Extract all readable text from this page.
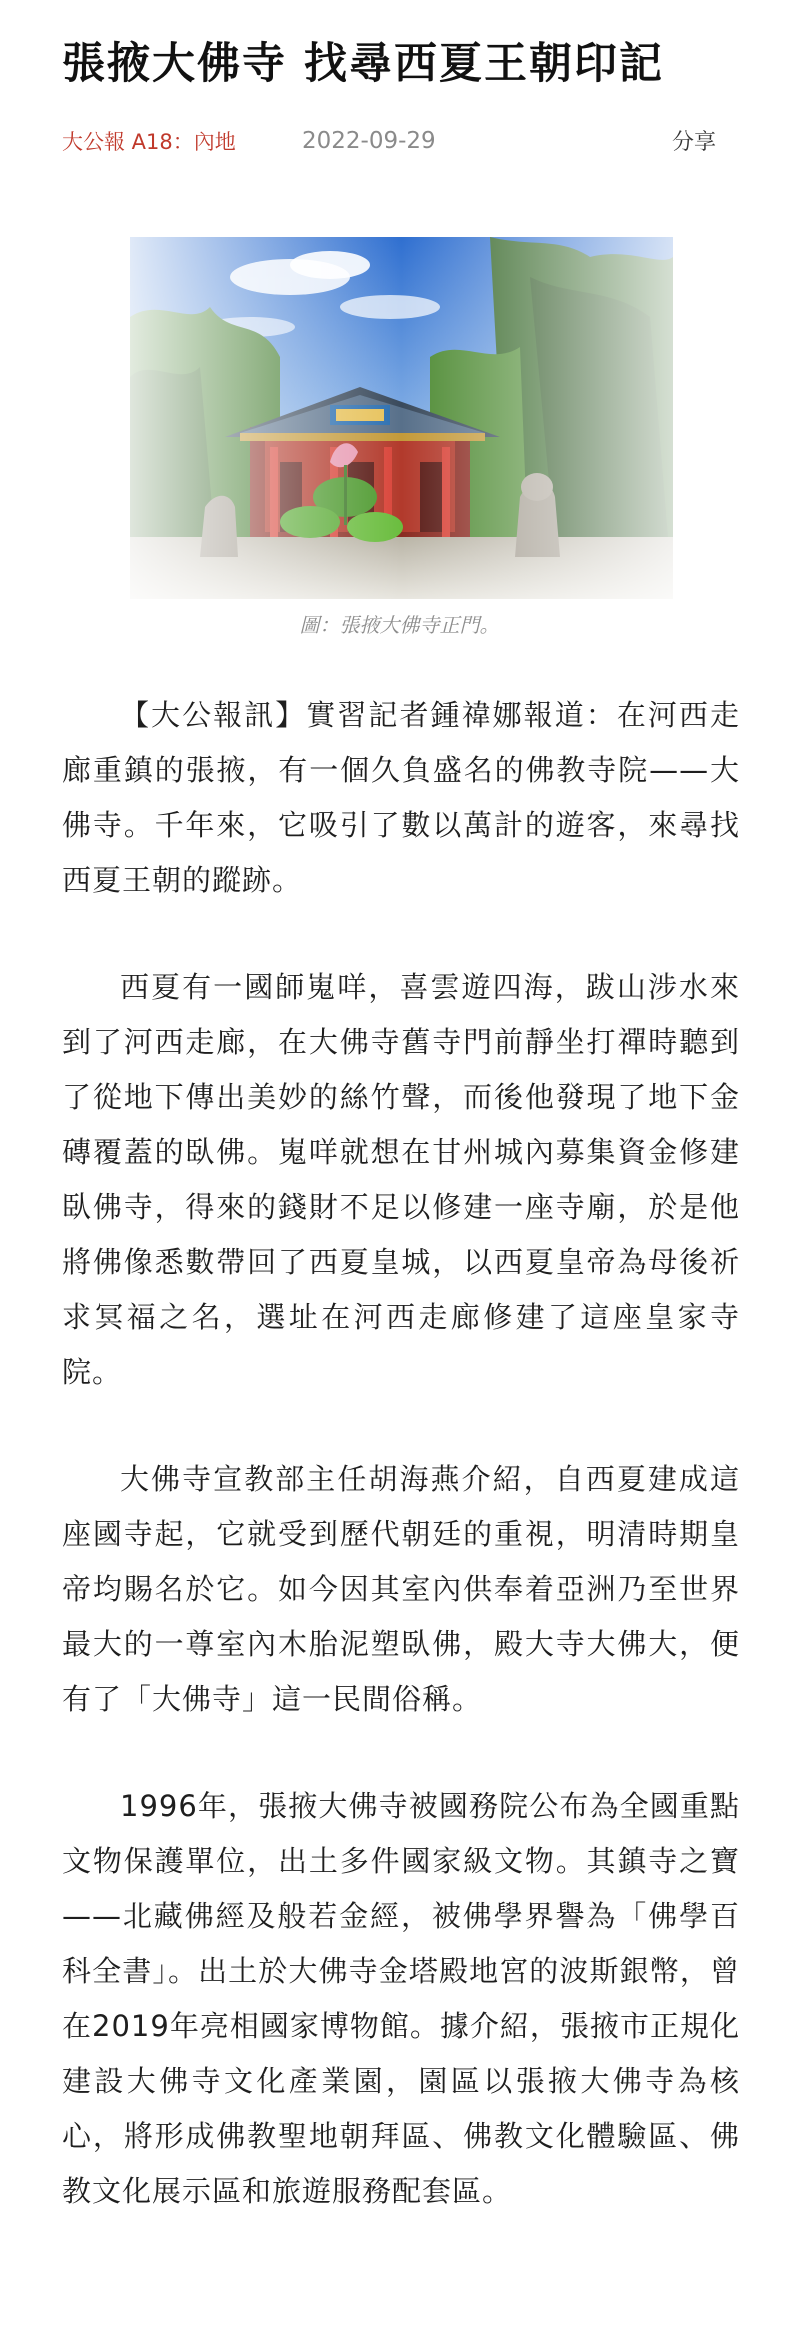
張掖大佛寺 找尋西夏王朝印記
大公報 A18：內地	2022-09-29	分享
圖：張掖大佛寺正門。

【大公報訊】實習記者鍾禕娜報道：在河西走廊重鎮的張掖，有一個久負盛名的佛教寺院——大佛寺。千年來，它吸引了數以萬計的遊客，來尋找西夏王朝的蹤跡。

西夏有一國師嵬咩，喜雲遊四海，跋山涉水來到了河西走廊，在大佛寺舊寺門前靜坐打禪時聽到了從地下傳出美妙的絲竹聲，而後他發現了地下金磚覆蓋的臥佛。嵬咩就想在甘州城內募集資金修建臥佛寺，得來的錢財不足以修建一座寺廟，於是他將佛像悉數帶回了西夏皇城，以西夏皇帝為母後祈求冥福之名，選址在河西走廊修建了這座皇家寺院。

大佛寺宣教部主任胡海燕介紹，自西夏建成這座國寺起，它就受到歷代朝廷的重視，明清時期皇帝均賜名於它。如今因其室內供奉着亞洲乃至世界最大的一尊室內木胎泥塑臥佛，殿大寺大佛大，便有了「大佛寺」這一民間俗稱。

1996年，張掖大佛寺被國務院公布為全國重點文物保護單位，出土多件國家級文物。其鎮寺之寶——北藏佛經及般若金經，被佛學界譽為「佛學百科全書」。出土於大佛寺金塔殿地宮的波斯銀幣，曾在2019年亮相國家博物館。據介紹，張掖市正規化建設大佛寺文化產業園，園區以張掖大佛寺為核心，將形成佛教聖地朝拜區、佛教文化體驗區、佛教文化展示區和旅遊服務配套區。
